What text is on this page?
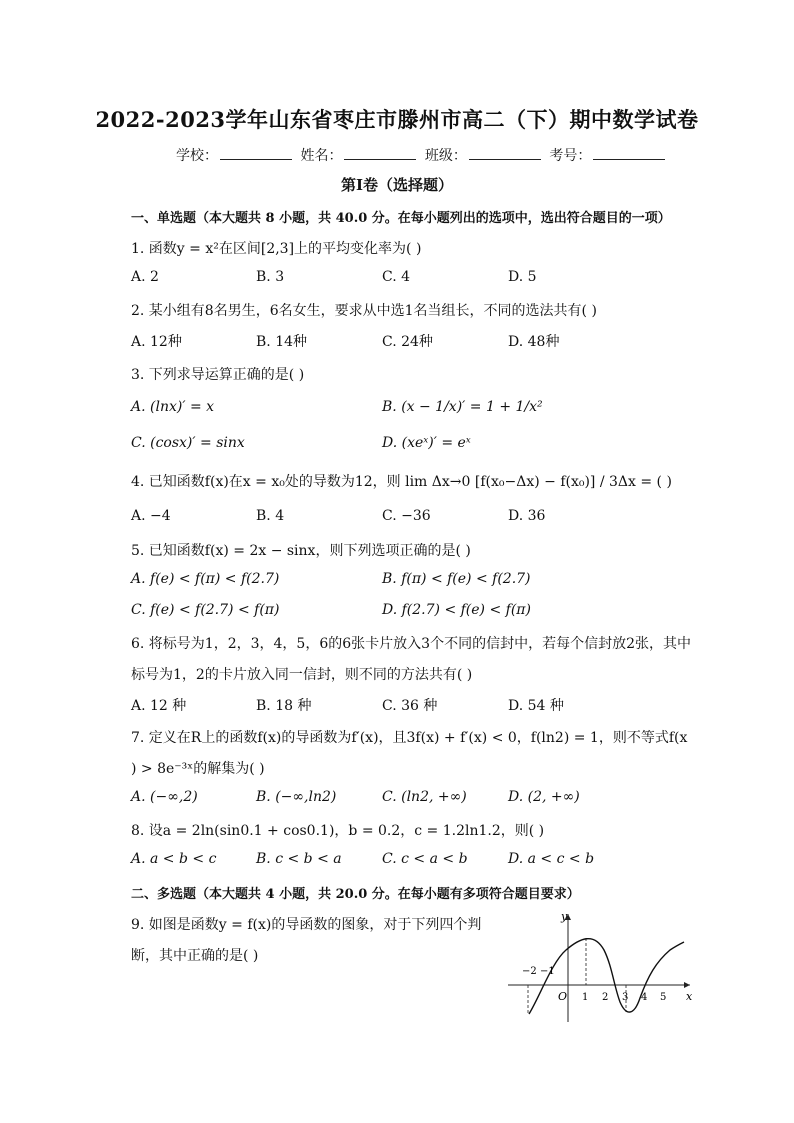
2022-2023学年山东省枣庄市滕州市高二（下）期中数学试卷
学校：	姓名：	班级：	考号：
第Ⅰ卷（选择题）
一、单选题（本大题共 8 小题，共 40.0 分。在每小题列出的选项中，选出符合题目的一项）
1. 函数y = x²在区间[2,3]上的平均变化率为( )
A. 2	B. 3	C. 4	D. 5
2. 某小组有8名男生，6名女生，要求从中选1名当组长，不同的选法共有( )
A. 12种	B. 14种	C. 24种	D. 48种
3. 下列求导运算正确的是( )
A. (lnx)′ = x	B. (x − 1/x)′ = 1 + 1/x²
C. (cosx)′ = sinx	D. (xeˣ)′ = eˣ
4. 已知函数f(x)在x = x₀处的导数为12，则 lim Δx→0 [f(x₀−Δx) − f(x₀)] / 3Δx = ( )
A. −4	B. 4	C. −36	D. 36
5. 已知函数f(x) = 2x − sinx，则下列选项正确的是( )
A. f(e) < f(π) < f(2.7)	B. f(π) < f(e) < f(2.7)
C. f(e) < f(2.7) < f(π)	D. f(2.7) < f(e) < f(π)
6. 将标号为1，2，3，4，5，6的6张卡片放入3个不同的信封中，若每个信封放2张，其中
标号为1，2的卡片放入同一信封，则不同的方法共有( )
A. 12 种	B. 18 种	C. 36 种	D. 54 种
7. 定义在R上的函数f(x)的导函数为f′(x)，且3f(x) + f′(x) < 0，f(ln2) = 1，则不等式f(x
) > 8e⁻³ˣ的解集为( )
A. (−∞,2)	B. (−∞,ln2)	C. (ln2, +∞)	D. (2, +∞)
8. 设a = 2ln(sin0.1 + cos0.1)，b = 0.2，c = 1.2ln1.2，则( )
A. a < b < c	B. c < b < a	C. c < a < b	D. a < c < b
二、多选题（本大题共 4 小题，共 20.0 分。在每小题有多项符合题目要求）
9. 如图是函数y = f(x)的导函数的图象，对于下列四个判
断，其中正确的是( )
y
x
O
−2 −1
1 2 3 4 5
